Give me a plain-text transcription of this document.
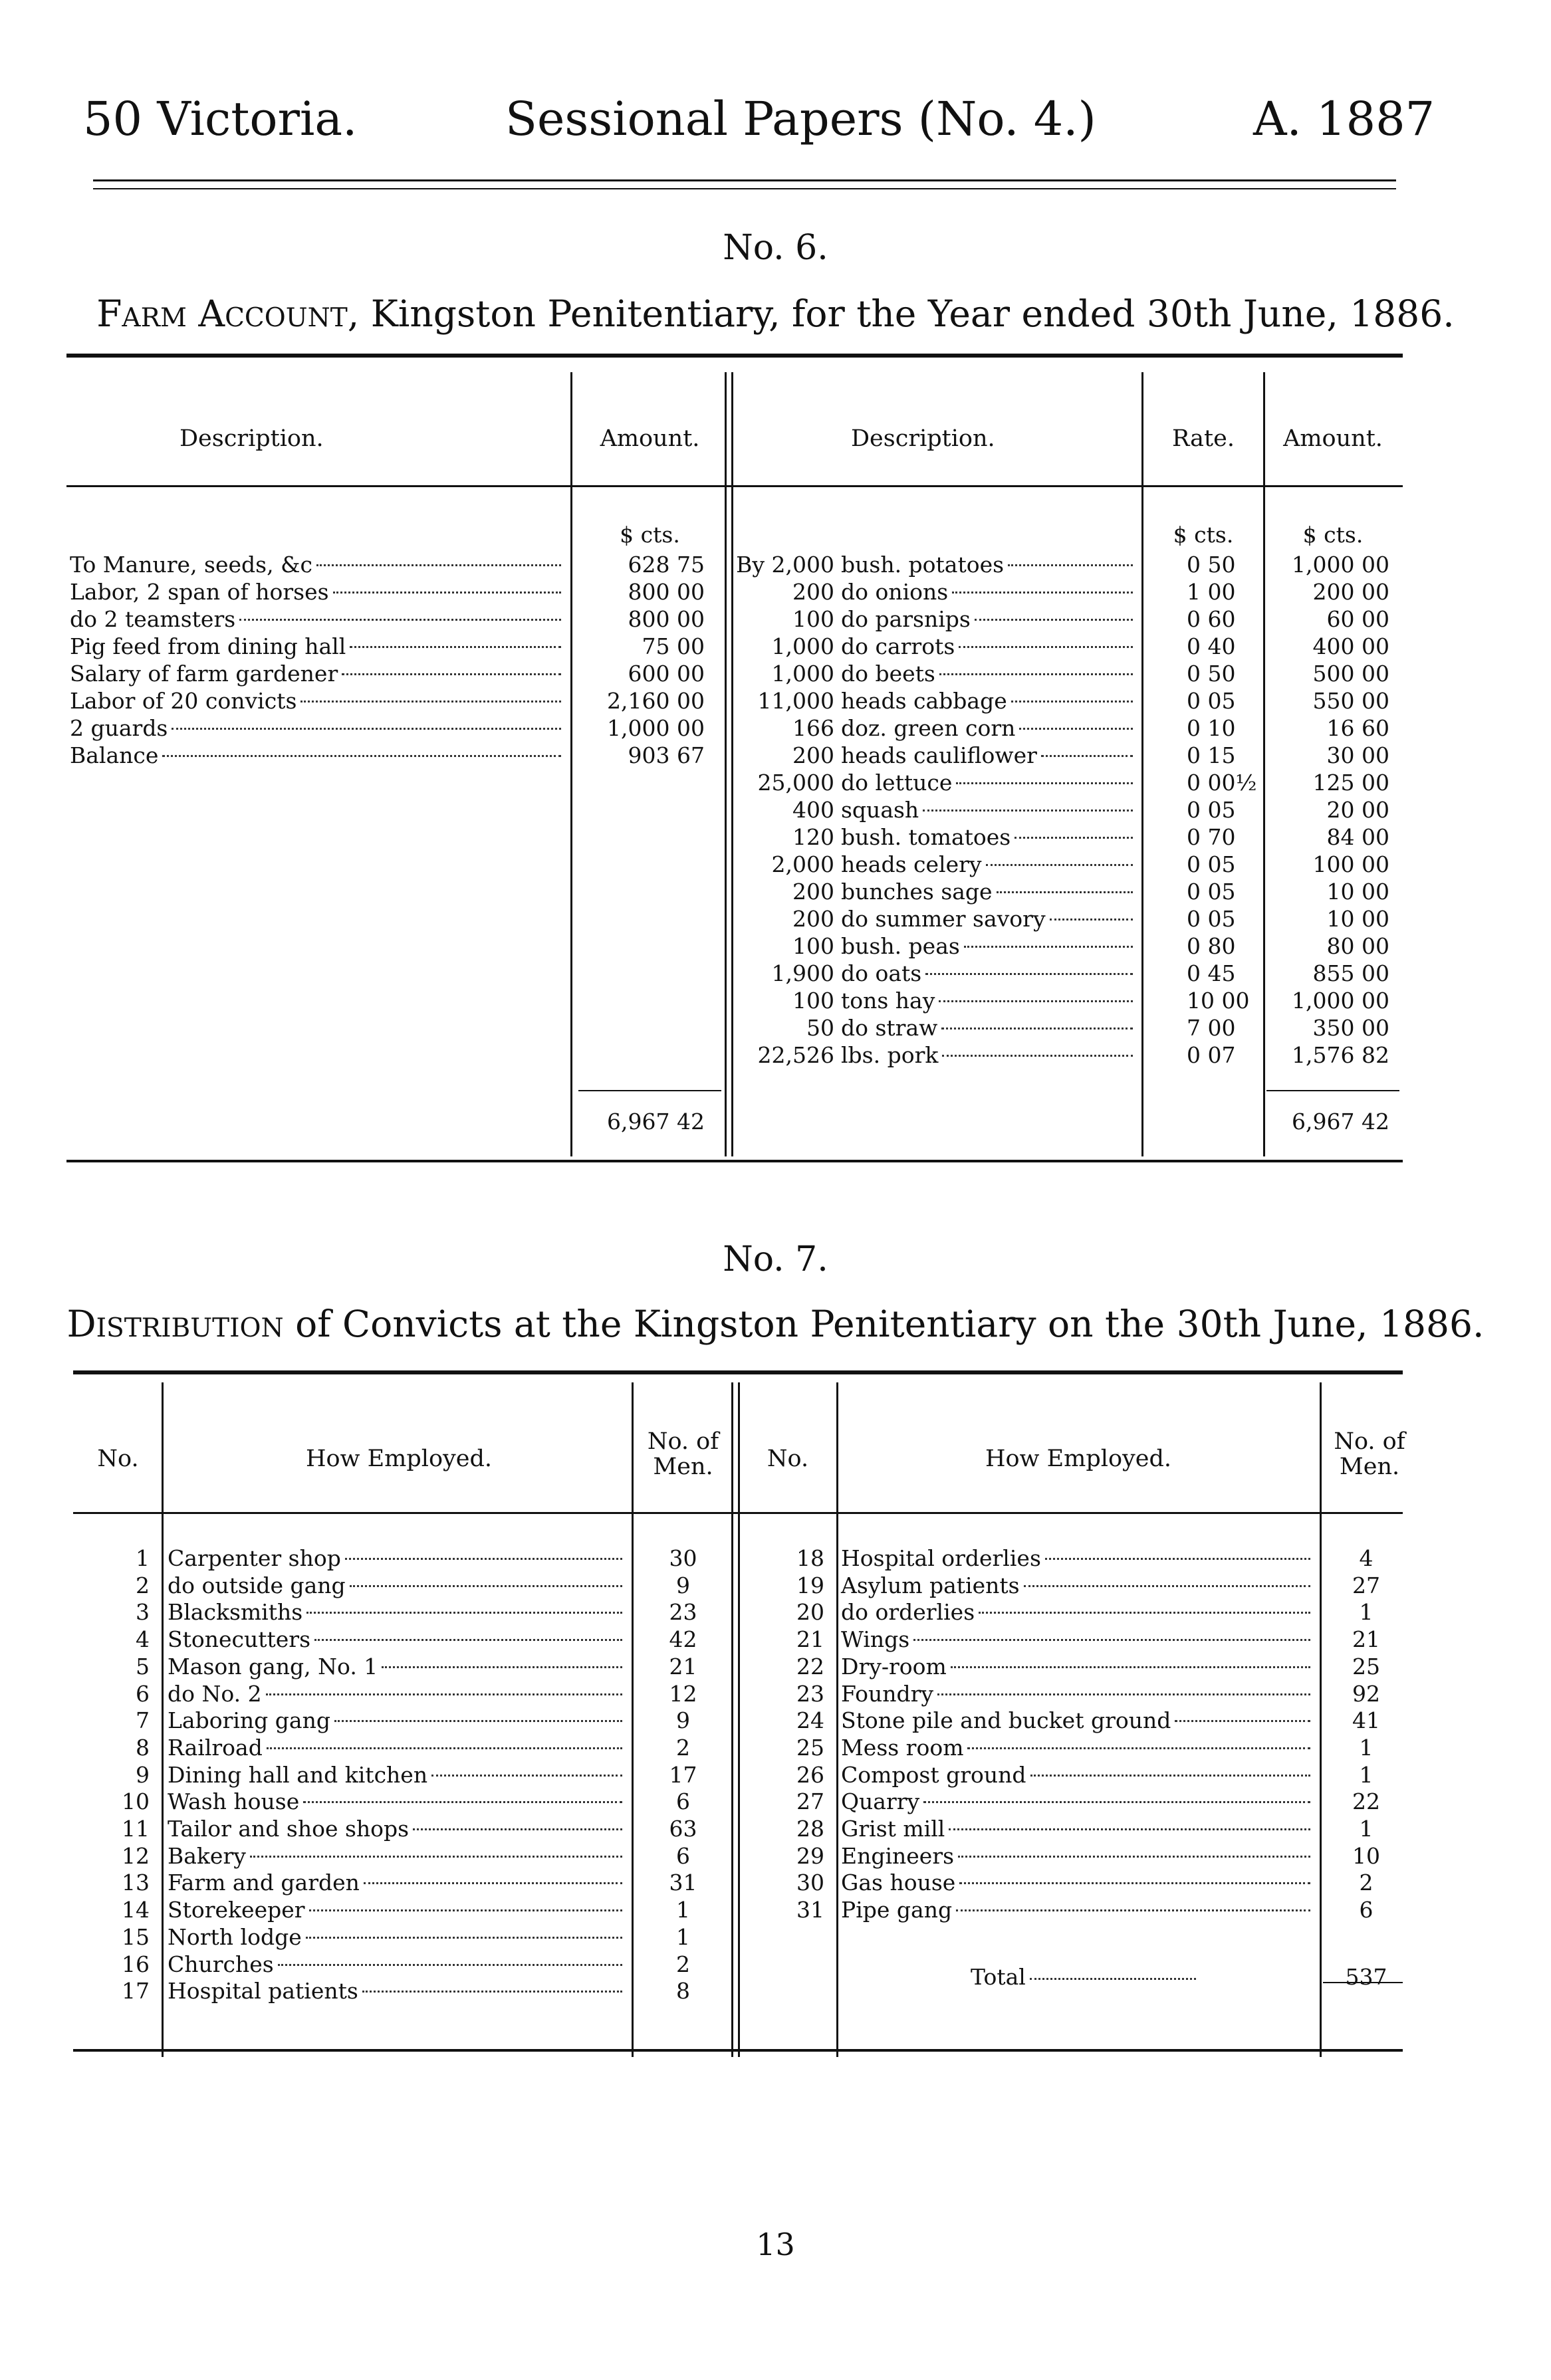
50 Victoria.	Sessional Papers (No. 4.)	A. 1887
No. 6.
Farm Account, Kingston Penitentiary, for the Year ended 30th June, 1886.
Description.	Amount.	Description.	Rate.	Amount.
$ cts.	$ cts.	$ cts.
To Manure, seeds, &c	628 75
Labor, 2 span of horses	800 00
do 2 teamsters	800 00
Pig feed from dining hall	75 00
Salary of farm gardener	600 00
Labor of 20 convicts	2,160 00
2 guards	1,000 00
Balance	903 67
By 2,000 bush. potatoes	0 50	1,000 00
200 do onions	1 00	200 00
100 do parsnips	0 60	60 00
1,000 do carrots	0 40	400 00
1,000 do beets	0 50	500 00
11,000 heads cabbage	0 05	550 00
166 doz. green corn	0 10	16 60
200 heads cauliflower	0 15	30 00
25,000 do lettuce	0 00½	125 00
400 squash	0 05	20 00
120 bush. tomatoes	0 70	84 00
2,000 heads celery	0 05	100 00
200 bunches sage	0 05	10 00
200 do summer savory	0 05	10 00
100 bush. peas	0 80	80 00
1,900 do oats	0 45	855 00
100 tons hay	10 00	1,000 00
50 do straw	7 00	350 00
22,526 lbs. pork	0 07	1,576 82
6,967 42	6,967 42
No. 7.
Distribution of Convicts at the Kingston Penitentiary on the 30th June, 1886.
No.	How Employed.
No. of Men.	No.	How Employed.
No. of Men.
1 Carpenter shop	30
2 do outside gang	9
3 Blacksmiths	23
4 Stonecutters	42
5 Mason gang, No. 1	21
6 do No. 2	12
7 Laboring gang	9
8 Railroad	2
9 Dining hall and kitchen	17
10 Wash house	6
11 Tailor and shoe shops	63
12 Bakery	6
13 Farm and garden	31
14 Storekeeper	1
15 North lodge	1
16 Churches	2
17 Hospital patients	8
18 Hospital orderlies	4
19 Asylum patients	27
20 do orderlies	1
21 Wings	21
22 Dry-room	25
23 Foundry	92
24 Stone pile and bucket ground	41
25 Mess room	1
26 Compost ground	1
27 Quarry	22
28 Grist mill	1
29 Engineers	10
30 Gas house	2
31 Pipe gang	6
Total	537
13
